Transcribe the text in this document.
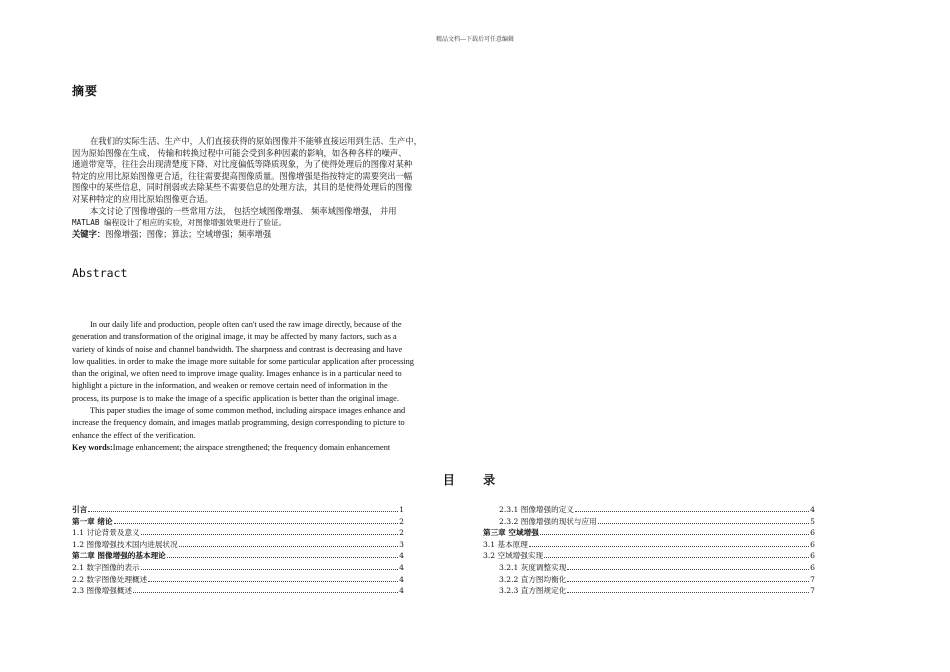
精品文档---下载后可任意编辑
摘要

在我们的实际生活、生产中，人们直接获得的原始图像并不能够直接运用到生活、生产中，

因为原始图像在生成、 传输和转换过程中可能会受到多种因素的影响，如各种各样的噪声、

通道带宽等，往往会出现清楚度下降、对比度偏低等降质现象，为了使得处理后的图像对某种

特定的应用比原始图像更合适，往往需要提高图像质量。图像增强是指按特定的需要突出一幅

图像中的某些信息，同时削弱或去除某些不需要信息的处理方法，其目的是使得处理后的图像

对某种特定的应用比原始图像更合适。

本文讨论了图像增强的一些常用方法， 包括空域图像增强、 频率域图像增强， 并用

MATLAB 编程设计了相应的实验，对图像增强效果进行了验证。

关键字：图像增强；图像；算法；空域增强；频率增强

Abstract

In our daily life and production, people often can't used the raw image directly, because of the

generation and transformation of the original image, it may be affected by many factors, such as a

variety of kinds of noise and channel bandwidth. The sharpness and contrast is decreasing and have

low qualities. in order to make the image more suitable for some particular application after processing

than the original, we often need to improve image quality. Images enhance is in a particular need to

highlight a picture in the information, and weaken or remove certain need of information in the

process, its purpose is to make the image of a specific application is better than the original image.

This paper studies the image of some common method, including airspace images enhance and

increase the frequency domain, and images matlab programming, design corresponding to picture to

enhance the effect of the verification.

Key words:Image enhancement; the airspace strengthened; the frequency domain enhancement

目 录
引言	1
第一章 绪论	2
1.1 讨论背景及意义	2
1.2 图像增强技术国内进展状况	3
第二章 图像增强的基本理论	4
2.1 数字图像的表示	4
2.2 数字图像处理概述	4
2.3 图像增强概述	4
2.3.1 图像增强的定义	4
2.3.2 图像增强的现状与应用	5
第三章 空域增强	6
3.1 基本原理	6
3.2 空域增强实现	6
3.2.1 灰度调整实现	6
3.2.2 直方图均衡化	7
3.2.3 直方图规定化	7
